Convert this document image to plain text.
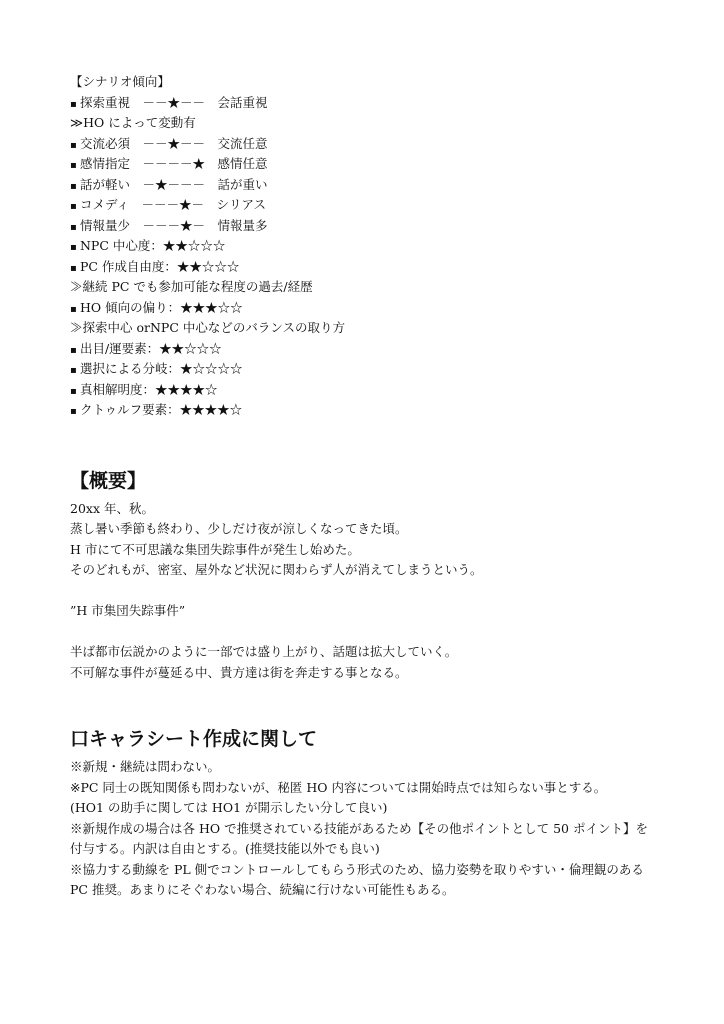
【シナリオ傾向】
▪ 探索重視　－－★－－　会話重視
≫HO によって変動有
▪ 交流必須　－－★－－　交流任意
▪ 感情指定　－－－－★　感情任意
▪ 話が軽い　－★－－－　話が重い
▪ コメディ　－－－★－　シリアス
▪ 情報量少　－－－★－　情報量多
▪ NPC 中心度：★★☆☆☆
▪ PC 作成自由度：★★☆☆☆
≫継続 PC でも参加可能な程度の過去/経歴
▪ HO 傾向の偏り：★★★☆☆
≫探索中心 orNPC 中心などのバランスの取り方
▪ 出目/運要素：★★☆☆☆
▪ 選択による分岐：★☆☆☆☆
▪ 真相解明度：★★★★☆
▪ クトゥルフ要素：★★★★☆
【概要】
20xx 年、秋。
蒸し暑い季節も終わり、少しだけ夜が涼しくなってきた頃。
H 市にて不可思議な集団失踪事件が発生し始めた。
そのどれもが、密室、屋外など状況に関わらず人が消えてしまうという。
”H 市集団失踪事件”
半ば都市伝説かのように一部では盛り上がり、話題は拡大していく。
不可解な事件が蔓延る中、貴方達は街を奔走する事となる。
口キャラシート作成に関して
※新規・継続は問わない。
※PC 同士の既知関係も問わないが、秘匿 HO 内容については開始時点では知らない事とする。
(HO1 の助手に関しては HO1 が開示したい分して良い)
※新規作成の場合は各 HO で推奨されている技能があるため【その他ポイントとして 50 ポイント】を
付与する。内訳は自由とする。(推奨技能以外でも良い)
※協力する動線を PL 側でコントロールしてもらう形式のため、協力姿勢を取りやすい・倫理観のある
PC 推奨。あまりにそぐわない場合、続編に行けない可能性もある。
